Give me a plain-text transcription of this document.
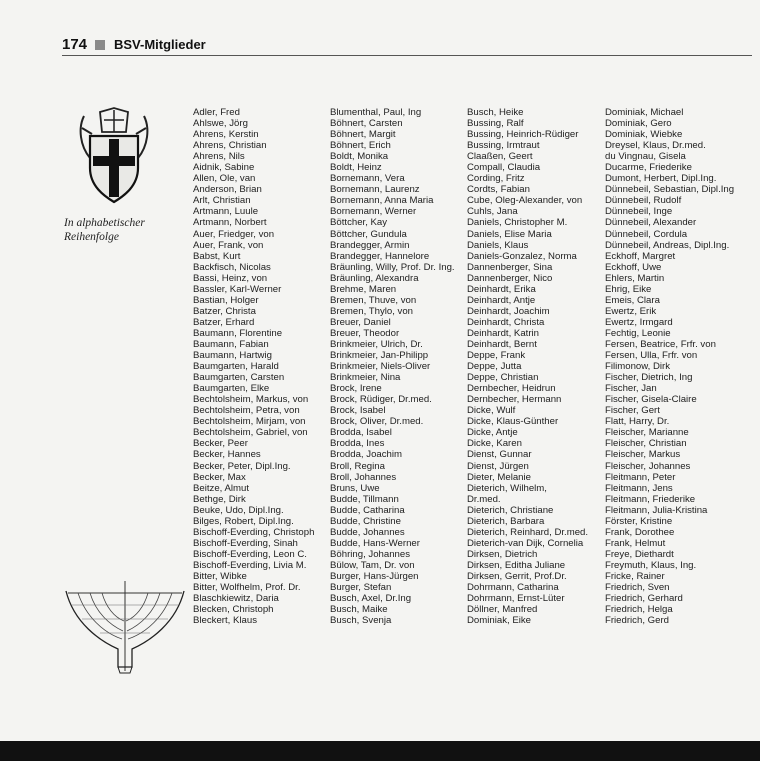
174 BSV-Mitglieder
In alphabetischer
Reihenfolge
Adler, Fred
Ahlswe, Jörg
Ahrens, Kerstin
Ahrens, Christian
Ahrens, Nils
Aidnik, Sabine
Allen, Ole, van
Anderson, Brian
Arlt, Christian
Artmann, Luule
Artmann, Norbert
Auer, Friedger, von
Auer, Frank, von
Babst, Kurt
Backfisch, Nicolas
Bassi, Heinz, von
Bassler, Karl-Werner
Bastian, Holger
Batzer, Christa
Batzer, Erhard
Baumann, Florentine
Baumann, Fabian
Baumann, Hartwig
Baumgarten, Harald
Baumgarten, Carsten
Baumgarten, Elke
Bechtolsheim, Markus, von
Bechtolsheim, Petra, von
Bechtolsheim, Mirjam, von
Bechtolsheim, Gabriel, von
Becker, Peer
Becker, Hannes
Becker, Peter, Dipl.Ing.
Becker, Max
Beitze, Almut
Bethge, Dirk
Beuke, Udo, Dipl.Ing.
Bilges, Robert, Dipl.Ing.
Bischoff-Everding, Christoph
Bischoff-Everding, Sinah
Bischoff-Everding, Leon C.
Bischoff-Everding, Livia M.
Bitter, Wibke
Bitter, Wolfhelm, Prof. Dr.
Blaschkiewitz, Daria
Blecken, Christoph
Bleckert, Klaus
Blumenthal, Paul, Ing
Böhnert, Carsten
Böhnert, Margit
Böhnert, Erich
Boldt, Monika
Boldt, Heinz
Bornemann, Vera
Bornemann, Laurenz
Bornemann, Anna Maria
Bornemann, Werner
Böttcher, Kay
Böttcher, Gundula
Brandegger, Armin
Brandegger, Hannelore
Bräunling, Willy, Prof. Dr. Ing.
Bräunling, Alexandra
Brehme, Maren
Bremen, Thuve, von
Bremen, Thylo, von
Breuer, Daniel
Breuer, Theodor
Brinkmeier, Ulrich, Dr.
Brinkmeier, Jan-Philipp
Brinkmeier, Niels-Oliver
Brinkmeier, Nina
Brock, Irene
Brock, Rüdiger, Dr.med.
Brock, Isabel
Brock, Oliver, Dr.med.
Brodda, Isabel
Brodda, Ines
Brodda, Joachim
Broll, Regina
Broll, Johannes
Bruns, Uwe
Budde, Tillmann
Budde, Catharina
Budde, Christine
Budde, Johannes
Budde, Hans-Werner
Böhring, Johannes
Bülow, Tam, Dr. von
Burger, Hans-Jürgen
Burger, Stefan
Busch, Axel, Dr.Ing
Busch, Maike
Busch, Svenja
Busch, Heike
Bussing, Ralf
Bussing, Heinrich-Rüdiger
Bussing, Irmtraut
Claaßen, Geert
Compall, Claudia
Cording, Fritz
Cordts, Fabian
Cube, Oleg-Alexander, von
Cuhls, Jana
Daniels, Christopher M.
Daniels, Elise Maria
Daniels, Klaus
Daniels-Gonzalez, Norma
Dannenberger, Sina
Dannenberger, Nico
Deinhardt, Erika
Deinhardt, Antje
Deinhardt, Joachim
Deinhardt, Christa
Deinhardt, Katrin
Deinhardt, Bernt
Deppe, Frank
Deppe, Jutta
Deppe, Christian
Dernbecher, Heidrun
Dernbecher, Hermann
Dicke, Wulf
Dicke, Klaus-Günther
Dicke, Antje
Dicke, Karen
Dienst, Gunnar
Dienst, Jürgen
Dieter, Melanie
Dieterich, Wilhelm,
Dr.med.
Dieterich, Christiane
Dieterich, Barbara
Dieterich, Reinhard, Dr.med.
Dieterich-van Dijk, Cornelia
Dirksen, Dietrich
Dirksen, Editha Juliane
Dirksen, Gerrit, Prof.Dr.
Dohrmann, Catharina
Dohrmann, Ernst-Lüter
Döllner, Manfred
Dominiak, Eike
Dominiak, Michael
Dominiak, Gero
Dominiak, Wiebke
Dreysel, Klaus, Dr.med.
du Vingnau, Gisela
Ducarme, Friederike
Dumont, Herbert, Dipl.Ing.
Dünnebeil, Sebastian, Dipl.Ing
Dünnebeil, Rudolf
Dünnebeil, Inge
Dünnebeil, Alexander
Dünnebeil, Cordula
Dünnebeil, Andreas, Dipl.Ing.
Eckhoff, Margret
Eckhoff, Uwe
Ehlers, Martin
Ehrig, Eike
Emeis, Clara
Ewertz, Erik
Ewertz, Irmgard
Fechtig, Leonie
Fersen, Beatrice, Frfr. von
Fersen, Ulla, Frfr. von
Filimonow, Dirk
Fischer, Dietrich, Ing
Fischer, Jan
Fischer, Gisela-Claire
Fischer, Gert
Flatt, Harry, Dr.
Fleischer, Marianne
Fleischer, Christian
Fleischer, Markus
Fleischer, Johannes
Fleitmann, Peter
Fleitmann, Jens
Fleitmann, Friederike
Fleitmann, Julia-Kristina
Förster, Kristine
Frank, Dorothee
Frank, Helmut
Freye, Diethardt
Freymuth, Klaus, Ing.
Fricke, Rainer
Friedrich, Sven
Friedrich, Gerhard
Friedrich, Helga
Friedrich, Gerd
